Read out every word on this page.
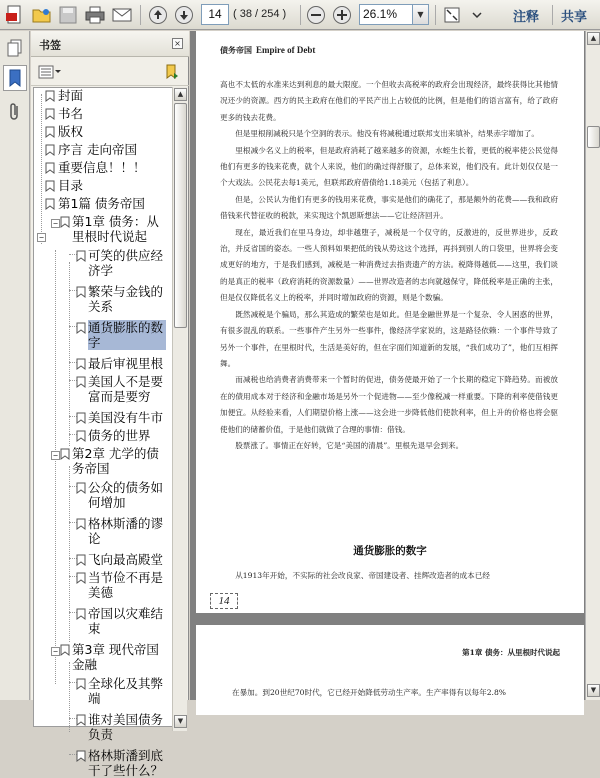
14	( 38 / 254 )	26.1%	▼	注释 共享
书签	×
−
封面
书名
版权
序言 走向帝国
重要信息！！！
目录
第1篇 债务帝国
− 第1章 债务：从里根时代说起
可笑的供应经济学
繁荣与金钱的关系
通货膨胀的数字
最后审视里根
美国人不是要富而是要穷
美国没有牛市
债务的世界
− 第2章 尤学的债务帝国
公众的债务如何增加
格林斯潘的谬论
飞向最高殿堂
当节俭不再是美德
帝国以灾难结束
− 第3章 现代帝国金融
全球化及其弊端
谁对美国债务负责
格林斯潘到底干了些什么？
▲
▼
债务帝国 Empire of Debt

高也不太低的水准来达到利息的最大限度。一个但收去高税率的政府会出现经济，最终获得比其他情况还少的资源。西方的民主政府在他们的平民产出上占较低的比例，但是他们的语言富有，给了政府更多的钱去花费。

但是里根削减税只是个空洞的表示。他没有将减税通过联邦支出来填补，结果赤字增加了。

里根减少名义上的税率，但是政府消耗了越来越多的资源，水蛭生长着，更低的税率使公民觉得他们有更多的钱来花费，就个人来说，他们的确过得舒服了，总体来说，他们没有。此计划仅仅是一个大戏法。公民花去每1美元，但联邦政府借债给1.18美元（包括了利息）。

但是，公民认为他们有更多的钱用来花费，事实是他们的确花了，那是额外的花费——我和政府借钱来代替征收的税款，来实现这个凯恩斯想法——它让经济回升。

现在，最近我们在里马身边，却非越堕子，减税是一个仅守的，反激进的，反世界进步，反政治，并反省国的姿态。一些人预料如果把低的钱从势这这个选择，再抖到别人的口袋里，世界将会变成更好的地方，于是我们感到，减税是一种消费过去指责遗产的方法。税降得越低——这里，我们谈的是真正的税率（政府消耗的资源数量）——世界改造者的志向就越保守，降低税率是正确的主张，但是仅仅降低名义上的税率，并同时增加政府的资源，则是个数骗。

既然减税是个骗局，那么其造成的繁荣也是如此。但是金融世界是一个复杂、令人困惑的世界，有很多混乱的联系。一些事件产生另外一些事件，像经济学家说的，这是路径依赖：一个事件导致了另外一个事件，在里根时代，生活是美好的，但在字面们知道新的发展，“我们成功了”，他们互相挥舞。

而减税也给消费者消费带来一个暂时的促进，债务使最开始了一个长期的稳定下降趋势。而被放在的债用成本对于经济和金融市场是另外一个促进物——至少像税减一样重要。下降的利率使借钱更加便宜。从经验来看，人们期望价格上涨——这会进一步降低他们使款利率，但上升的价格也将会驱使他们的储蓄价值，于是他们就做了合理的事情：借钱。

股票涨了。事情正在好转，它是“美国的清晨”。里根先退早会到来。

通货膨胀的数字
从1913年开始，不实际的社会改良家、帝国建设者、挂辉改造者的成本已经
14
第1章 债务：从里根时代说起
在暴加。到20世纪70时代，它已经开始降低劳动生产率。生产率得有以每年2.8%
▲
▼
